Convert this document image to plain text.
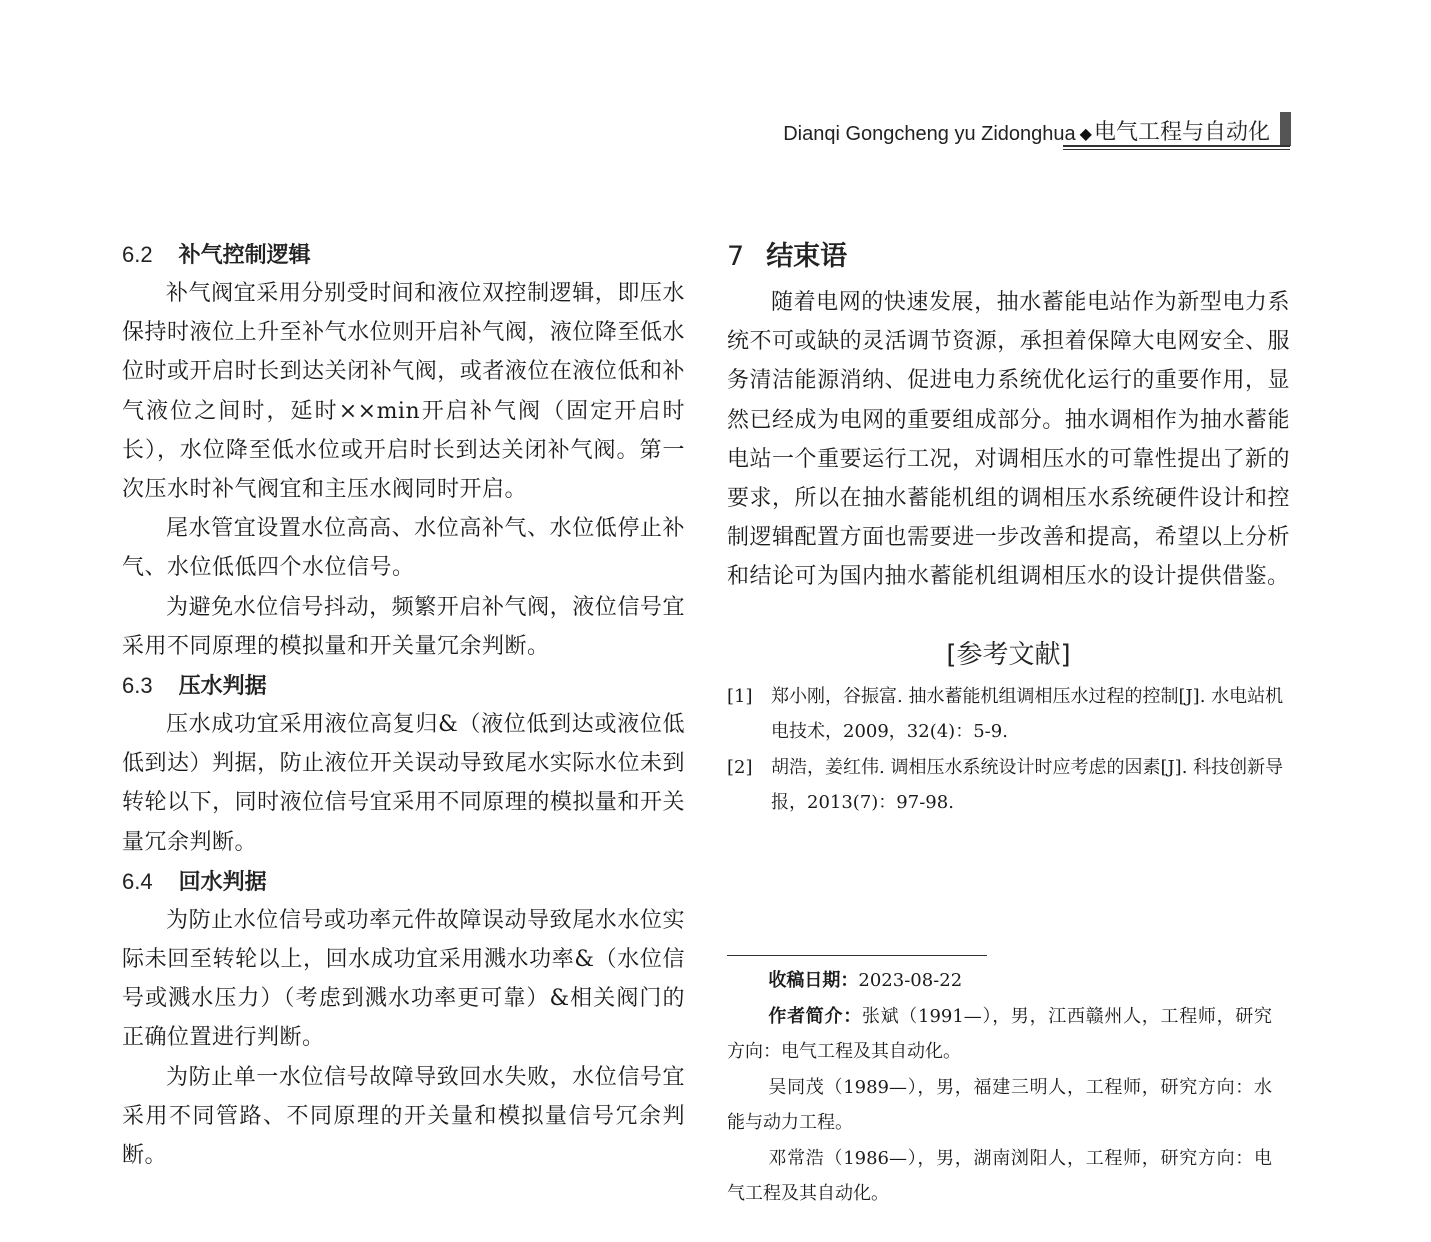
Dianqi Gongcheng yu Zidonghua ◆ 电气工程与自动化
6.2 补气控制逻辑

补气阀宜采用分别受时间和液位双控制逻辑，即压水保持时液位上升至补气水位则开启补气阀，液位降至低水位时或开启时长到达关闭补气阀，或者液位在液位低和补气液位之间时，延时××min开启补气阀（固定开启时长），水位降至低水位或开启时长到达关闭补气阀。第一次压水时补气阀宜和主压水阀同时开启。

尾水管宜设置水位高高、水位高补气、水位低停止补气、水位低低四个水位信号。

为避免水位信号抖动，频繁开启补气阀，液位信号宜采用不同原理的模拟量和开关量冗余判断。

6.3 压水判据

压水成功宜采用液位高复归&（液位低到达或液位低低到达）判据，防止液位开关误动导致尾水实际水位未到转轮以下，同时液位信号宜采用不同原理的模拟量和开关量冗余判断。

6.4 回水判据

为防止水位信号或功率元件故障误动导致尾水水位实际未回至转轮以上，回水成功宜采用溅水功率&（水位信号或溅水压力）（考虑到溅水功率更可靠）&相关阀门的正确位置进行判断。

为防止单一水位信号故障导致回水失败，水位信号宜采用不同管路、不同原理的开关量和模拟量信号冗余判断。

7 结束语

随着电网的快速发展，抽水蓄能电站作为新型电力系统不可或缺的灵活调节资源，承担着保障大电网安全、服务清洁能源消纳、促进电力系统优化运行的重要作用，显然已经成为电网的重要组成部分。抽水调相作为抽水蓄能电站一个重要运行工况，对调相压水的可靠性提出了新的要求，所以在抽水蓄能机组的调相压水系统硬件设计和控制逻辑配置方面也需要进一步改善和提高，希望以上分析和结论可为国内抽水蓄能机组调相压水的设计提供借鉴。

[参考文献]
[1] 郑小刚，谷振富. 抽水蓄能机组调相压水过程的控制[J]. 水电站机电技术，2009，32(4)：5-9.
[2] 胡浩，姜红伟. 调相压水系统设计时应考虑的因素[J]. 科技创新导报，2013(7)：97-98.

收稿日期：2023-08-22

作者简介：张斌（1991—），男，江西赣州人，工程师，研究方向：电气工程及其自动化。

吴同茂（1989—），男，福建三明人，工程师，研究方向：水能与动力工程。

邓常浩（1986—），男，湖南浏阳人，工程师，研究方向：电气工程及其自动化。
